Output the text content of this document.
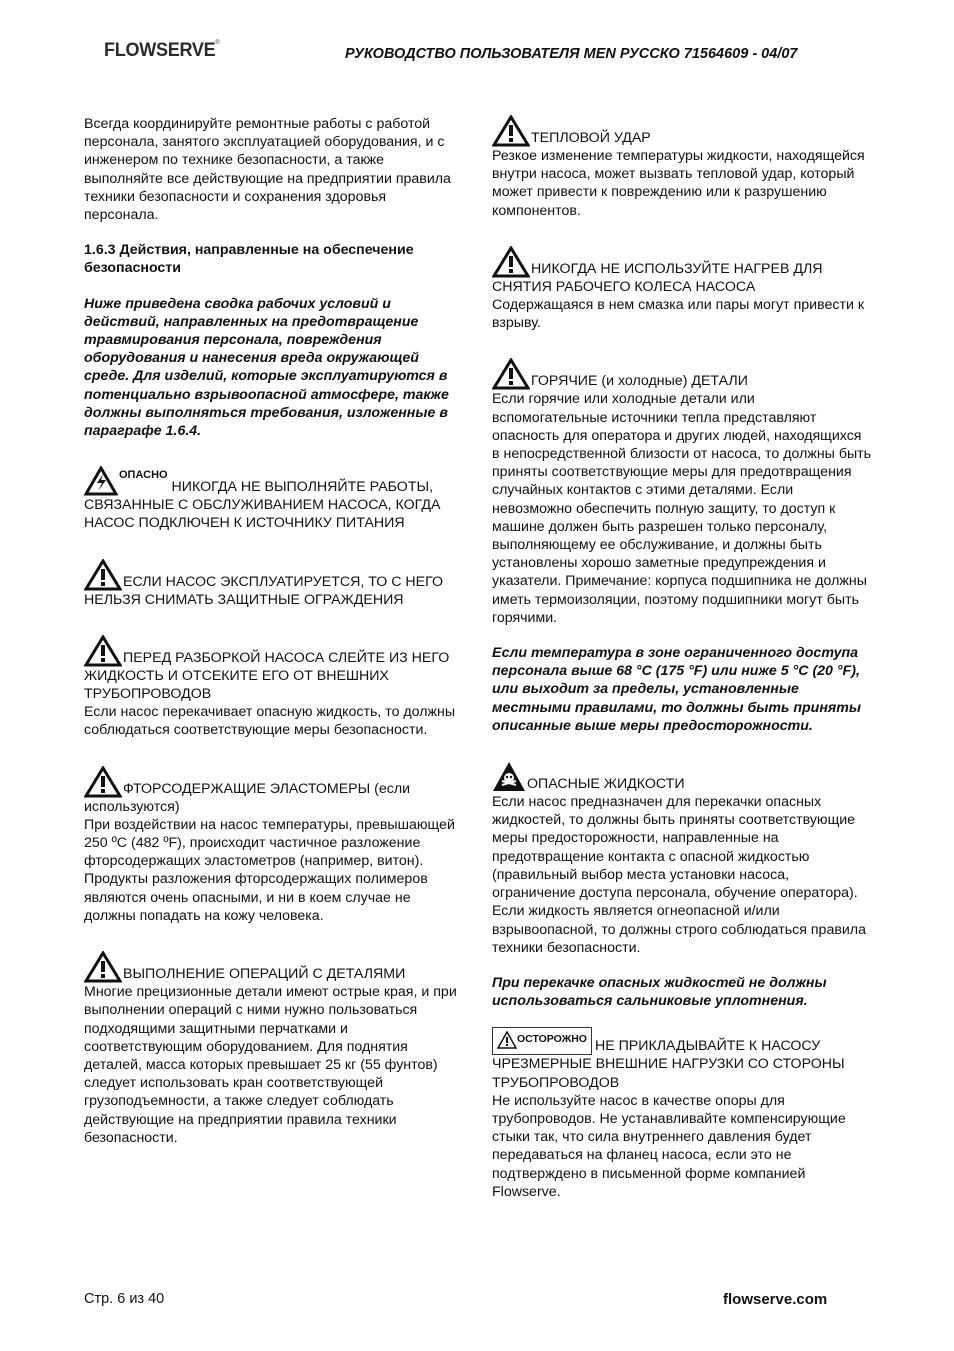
FLOWSERVE®
РУКОВОДСТВО ПОЛЬЗОВАТЕЛЯ MEN РУССКО 71564609 - 04/07

Всегда координируйте ремонтные работы с работой персонала, занятого эксплуатацией оборудования, и с инженером по технике безопасности, а также выполняйте все действующие на предприятии правила техники безопасности и сохранения здоровья персонала.

1.6.3 Действия, направленные на обеспечение безопасности

Ниже приведена сводка рабочих условий и действий, направленных на предотвращение травмирования персонала, повреждения оборудования и нанесения вреда окружающей среде. Для изделий, которые эксплуатируются в потенциально взрывоопасной атмосфере, также должны выполняться требования, изложенные в параграфе 1.6.4.

$^{ОПАСНО}$ НИКОГДА НЕ ВЫПОЛНЯЙТЕ РАБОТЫ, СВЯЗАННЫЕ С ОБСЛУЖИВАНИЕМ НАСОСА, КОГДА НАСОС ПОДКЛЮЧЕН К ИСТОЧНИКУ ПИТАНИЯ

ЕСЛИ НАСОС ЭКСПЛУАТИРУЕТСЯ, ТО С НЕГО НЕЛЬЗЯ СНИМАТЬ ЗАЩИТНЫЕ ОГРАЖДЕНИЯ

ПЕРЕД РАЗБОРКОЙ НАСОСА СЛЕЙТЕ ИЗ НЕГО ЖИДКОСТЬ И ОТСЕКИТЕ ЕГО ОТ ВНЕШНИХ ТРУБОПРОВОДОВ

Если насос перекачивает опасную жидкость, то должны соблюдаться соответствующие меры безопасности.

ФТОРСОДЕРЖАЩИЕ ЭЛАСТОМЕРЫ (если используются)

При воздействии на насос температуры, превышающей 250 ºC (482 ºF), происходит частичное разложение фторсодержащих эластометров (например, витон).

Продукты разложения фторсодержащих полимеров являются очень опасными, и ни в коем случае не должны попадать на кожу человека.

ВЫПОЛНЕНИЕ ОПЕРАЦИЙ С ДЕТАЛЯМИ

Многие прецизионные детали имеют острые края, и при выполнении операций с ними нужно пользоваться подходящими защитными перчатками и соответствующим оборудованием. Для поднятия деталей, масса которых превышает 25 кг (55 фунтов) следует использовать кран соответствующей грузоподъемности, а также следует соблюдать действующие на предприятии правила техники безопасности.

ТЕПЛОВОЙ УДАР

Резкое изменение температуры жидкости, находящейся внутри насоса, может вызвать тепловой удар, который может привести к повреждению или к разрушению компонентов.

НИКОГДА НЕ ИСПОЛЬЗУЙТЕ НАГРЕВ ДЛЯ СНЯТИЯ РАБОЧЕГО КОЛЕСА НАСОСА

Содержащаяся в нем смазка или пары могут привести к взрыву.

ГОРЯЧИЕ (и холодные) ДЕТАЛИ

Если горячие или холодные детали или вспомогательные источники тепла представляют опасность для оператора и других людей, находящихся в непосредственной близости от насоса, то должны быть приняты соответствующие меры для предотвращения случайных контактов с этими деталями. Если невозможно обеспечить полную защиту, то доступ к машине должен быть разрешен только персоналу, выполняющему ее обслуживание, и должны быть установлены хорошо заметные предупреждения и указатели. Примечание: корпуса подшипника не должны иметь термоизоляции, поэтому подшипники могут быть горячими.

Если температура в зоне ограниченного доступа персонала выше 68 °C (175 °F) или ниже 5 °C (20 °F), или выходит за пределы, установленные местными правилами, то должны быть приняты описанные выше меры предосторожности.

ОПАСНЫЕ ЖИДКОСТИ

Если насос предназначен для перекачки опасных жидкостей, то должны быть приняты соответствующие меры предосторожности, направленные на предотвращение контакта с опасной жидкостью (правильный выбор места установки насоса, ограничение доступа персонала, обучение оператора). Если жидкость является огнеопасной и/или взрывоопасной, то должны строго соблюдаться правила техники безопасности.

При перекачке опасных жидкостей не должны использоваться сальниковые уплотнения.

ОСТОРОЖНО НЕ ПРИКЛАДЫВАЙТЕ К НАСОСУ ЧРЕЗМЕРНЫЕ ВНЕШНИЕ НАГРУЗКИ СО СТОРОНЫ ТРУБОПРОВОДОВ

Не используйте насос в качестве опоры для трубопроводов. Не устанавливайте компенсирующие стыки так, что сила внутреннего давления будет передаваться на фланец насоса, если это не подтверждено в письменной форме компанией Flowserve.

Стр. 6 из 40	flowserve.com
